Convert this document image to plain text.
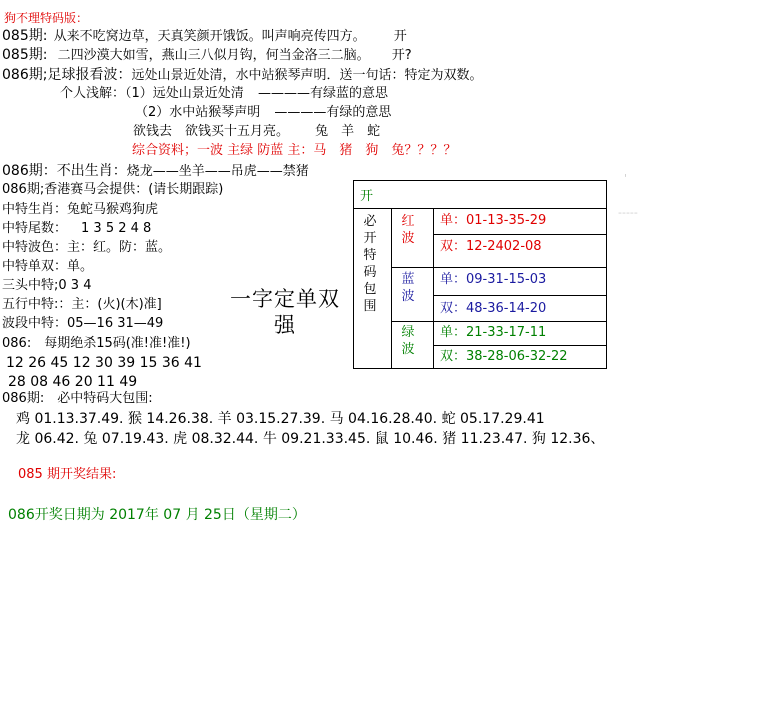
狗不理特码版：
085期: 从来不吃窝边草，天真笑颜开饿饭。叫声响亮传四方。 开
085期: 二四沙漠大如雪，燕山三八似月钩，何当金洛三二脑。 开?
086期;足球报看波：远处山景近处清，水中站猴琴声明．送一句话：特定为双数。
个人浅解：（1）远处山景近处清 ————有绿蓝的意思
（2）水中站猴琴声明 ————有绿的意思
欲钱去　欲钱买十五月亮。 兔　羊　蛇
综合资料；一波 主绿 防蓝 主：马　猪　狗　兔？？？？
086期：不出生肖：烧龙——坐羊——吊虎——禁猪
086期;香港赛马会提供：(请长期跟踪)
中特生肖：兔蛇马猴鸡狗虎
中特尾数： 1 3 5 2 4 8
中特波色：主：红。防：蓝。
中特单双：单。
三头中特;0 3 4
五行中特:：主：(火)(木)准]
波段中特：05—16 31—49
086:　每期绝杀15码(准!准!准!)
12 26 45 12 30 39 15 36 41
28 08 46 20 11 49
一字定单双
强
开
必
开
特
码
包
围
红
波
蓝
波
绿
波
单：01-13-35-29
双：12-2402-08
单：09-31-15-03
双：48-36-14-20
单：21-33-17-11
双：38-28-06-32-22
-----
'
086期:　必中特码大包围:
鸡 01.13.37.49. 猴 14.26.38. 羊 03.15.27.39. 马 04.16.28.40. 蛇 05.17.29.41
龙 06.42. 兔 07.19.43. 虎 08.32.44. 牛 09.21.33.45. 鼠 10.46. 猪 11.23.47. 狗 12.36、
085 期开奖结果:
086开奖日期为 2017年 07 月 25日（星期二）
